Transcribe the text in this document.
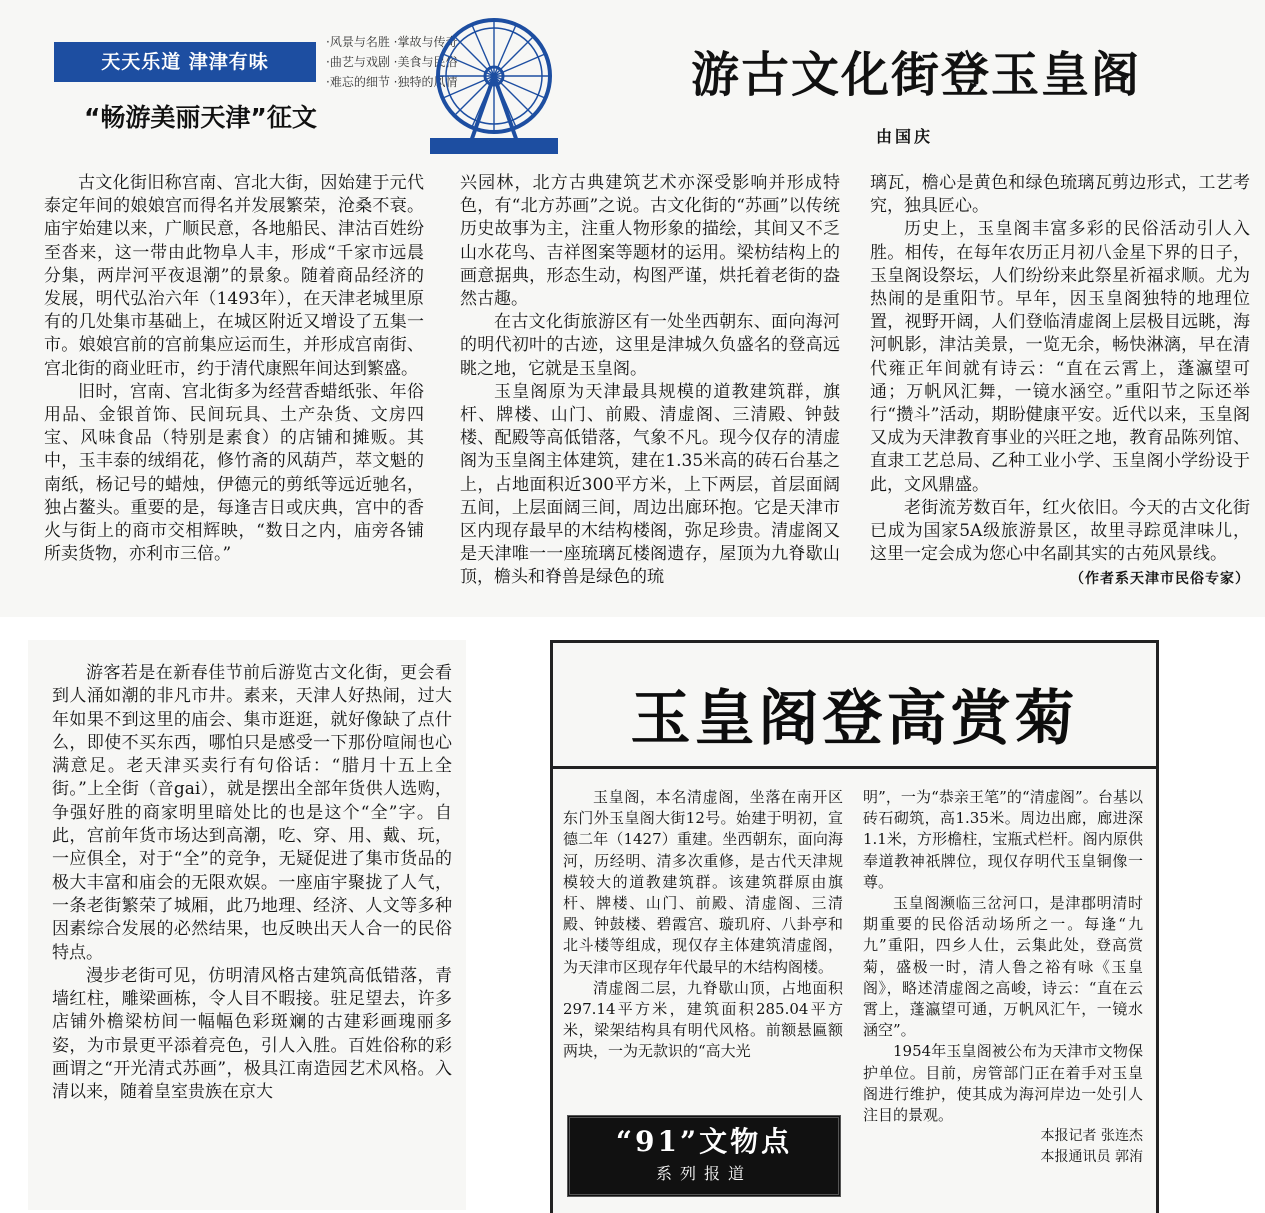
天天乐道 津津有味
·风景与名胜 ·掌故与传奇
·曲艺与戏剧 ·美食与民俗
·难忘的细节 ·独特的风情
“畅游美丽天津”征文
游古文化街登玉皇阁
由国庆

古文化街旧称宫南、宫北大街，因始建于元代泰定年间的娘娘宫而得名并发展繁荣，沧桑不衰。庙宇始建以来，广顺民意，各地船民、津沽百姓纷至沓来，这一带由此物阜人丰，形成“千家市远晨分集，两岸河平夜退潮”的景象。随着商品经济的发展，明代弘治六年（1493年），在天津老城里原有的几处集市基础上，在城区附近又增设了五集一市。娘娘宫前的宫前集应运而生，并形成宫南街、宫北街的商业旺市，约于清代康熙年间达到繁盛。

旧时，宫南、宫北街多为经营香蜡纸张、年俗用品、金银首饰、民间玩具、土产杂货、文房四宝、风味食品（特别是素食）的店铺和摊贩。其中，玉丰泰的绒绢花，修竹斋的风葫芦，萃文魁的南纸，杨记号的蜡烛，伊德元的剪纸等远近驰名，独占鳌头。重要的是，每逢吉日或庆典，宫中的香火与街上的商市交相辉映，“数日之内，庙旁各铺所卖货物，亦利市三倍。”

兴园林，北方古典建筑艺术亦深受影响并形成特色，有“北方苏画”之说。古文化街的“苏画”以传统历史故事为主，注重人物形象的描绘，其间又不乏山水花鸟、吉祥图案等题材的运用。梁枋结构上的画意据典，形态生动，构图严谨，烘托着老街的盎然古趣。

在古文化街旅游区有一处坐西朝东、面向海河的明代初叶的古迹，这里是津城久负盛名的登高远眺之地，它就是玉皇阁。

玉皇阁原为天津最具规模的道教建筑群，旗杆、牌楼、山门、前殿、清虚阁、三清殿、钟鼓楼、配殿等高低错落，气象不凡。现今仅存的清虚阁为玉皇阁主体建筑，建在1.35米高的砖石台基之上，占地面积近300平方米，上下两层，首层面阔五间，上层面阔三间，周边出廊环抱。它是天津市区内现存最早的木结构楼阁，弥足珍贵。清虚阁又是天津唯一一座琉璃瓦楼阁遗存，屋顶为九脊歇山顶，檐头和脊兽是绿色的琉

璃瓦，檐心是黄色和绿色琉璃瓦剪边形式，工艺考究，独具匠心。

历史上，玉皇阁丰富多彩的民俗活动引人入胜。相传，在每年农历正月初八金星下界的日子，玉皇阁设祭坛，人们纷纷来此祭星祈福求顺。尤为热闹的是重阳节。早年，因玉皇阁独特的地理位置，视野开阔，人们登临清虚阁上层极目远眺，海河帆影，津沽美景，一览无余，畅快淋漓，早在清代雍正年间就有诗云：“直在云霄上，蓬瀛望可通；万帆风汇舞，一镜水涵空。”重阳节之际还举行“攒斗”活动，期盼健康平安。近代以来，玉皇阁又成为天津教育事业的兴旺之地，教育品陈列馆、直隶工艺总局、乙种工业小学、玉皇阁小学纷设于此，文风鼎盛。

老街流芳数百年，红火依旧。今天的古文化街已成为国家5A级旅游景区，故里寻踪觅津味儿，这里一定会成为您心中名副其实的古苑风景线。

（作者系天津市民俗专家）

游客若是在新春佳节前后游览古文化街，更会看到人涌如潮的非凡市井。素来，天津人好热闹，过大年如果不到这里的庙会、集市逛逛，就好像缺了点什么，即使不买东西，哪怕只是感受一下那份喧闹也心满意足。老天津买卖行有句俗话：“腊月十五上全街。”上全街（音gai），就是摆出全部年货供人选购，争强好胜的商家明里暗处比的也是这个“全”字。自此，宫前年货市场达到高潮，吃、穿、用、戴、玩，一应俱全，对于“全”的竞争，无疑促进了集市货品的极大丰富和庙会的无限欢娱。一座庙宇聚拢了人气，一条老街繁荣了城厢，此乃地理、经济、人文等多种因素综合发展的必然结果，也反映出天人合一的民俗特点。

漫步老街可见，仿明清风格古建筑高低错落，青墙红柱，雕梁画栋，令人目不暇接。驻足望去，许多店铺外檐梁枋间一幅幅色彩斑斓的古建彩画瑰丽多姿，为市景更平添着亮色，引人入胜。百姓俗称的彩画谓之“开光清式苏画”，极具江南造园艺术风格。入清以来，随着皇室贵族在京大

玉皇阁登高赏菊

玉皇阁，本名清虚阁，坐落在南开区东门外玉皇阁大街12号。始建于明初，宣德二年（1427）重建。坐西朝东，面向海河，历经明、清多次重修，是古代天津规模较大的道教建筑群。该建筑群原由旗杆、牌楼、山门、前殿、清虚阁、三清殿、钟鼓楼、碧霞宫、璇玑府、八卦亭和北斗楼等组成，现仅存主体建筑清虚阁，为天津市区现存年代最早的木结构阁楼。

清虚阁二层，九脊歇山顶，占地面积297.14平方米，建筑面积285.04平方米，梁架结构具有明代风格。前额悬匾额两块，一为无款识的“高大光

明”，一为“恭亲王笔”的“清虚阁”。台基以砖石砌筑，高1.35米。周边出廊，廊进深1.1米，方形檐柱，宝瓶式栏杆。阁内原供奉道教神祇牌位，现仅存明代玉皇铜像一尊。

玉皇阁濒临三岔河口，是津郡明清时期重要的民俗活动场所之一。每逢“九九”重阳，四乡人仕，云集此处，登高赏菊，盛极一时，清人鲁之裕有咏《玉皇阁》，略述清虚阁之高峻，诗云：“直在云霄上，蓬瀛望可通，万帆风汇午，一镜水涵空”。

1954年玉皇阁被公布为天津市文物保护单位。目前，房管部门正在着手对玉皇阁进行维护，使其成为海河岸边一处引人注目的景观。

本报记者 张连杰

本报通讯员 郭洧

“91”文物点
系列报道
